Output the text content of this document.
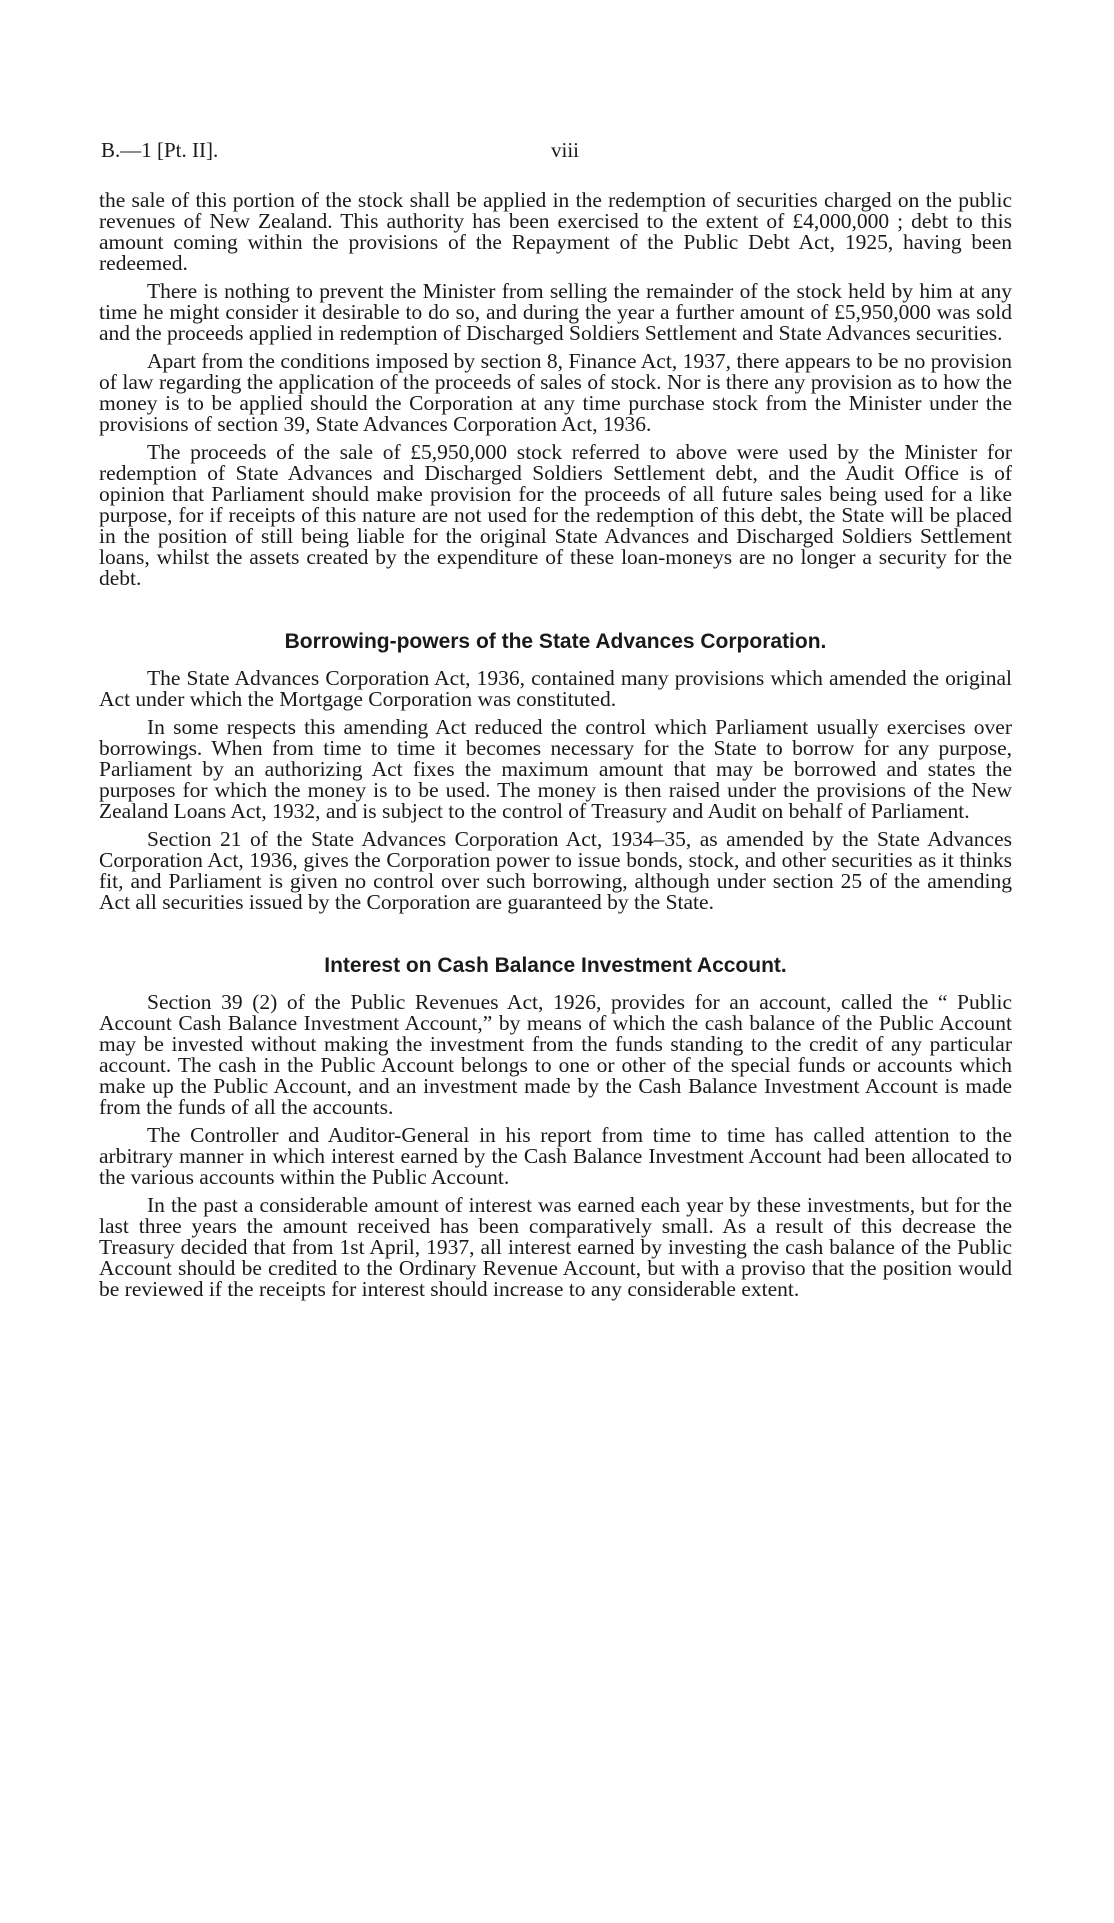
B.—1 [Pt. II].	viii

the sale of this portion of the stock shall be applied in the redemption of securities charged on the public revenues of New Zealand. This authority has been exercised to the extent of £4,000,000 ; debt to this amount coming within the provisions of the Repayment of the Public Debt Act, 1925, having been redeemed.

There is nothing to prevent the Minister from selling the remainder of the stock held by him at any time he might consider it desirable to do so, and during the year a further amount of £5,950,000 was sold and the proceeds applied in redemption of Discharged Soldiers Settlement and State Advances securities.

Apart from the conditions imposed by section 8, Finance Act, 1937, there appears to be no provision of law regarding the application of the proceeds of sales of stock. Nor is there any provision as to how the money is to be applied should the Corporation at any time purchase stock from the Minister under the provisions of section 39, State Advances Corporation Act, 1936.

The proceeds of the sale of £5,950,000 stock referred to above were used by the Minister for redemption of State Advances and Discharged Soldiers Settlement debt, and the Audit Office is of opinion that Parliament should make provision for the proceeds of all future sales being used for a like purpose, for if receipts of this nature are not used for the redemption of this debt, the State will be placed in the position of still being liable for the original State Advances and Discharged Soldiers Settlement loans, whilst the assets created by the expenditure of these loan-moneys are no longer a security for the debt.

Borrowing-powers of the State Advances Corporation.

The State Advances Corporation Act, 1936, contained many provisions which amended the original Act under which the Mortgage Corporation was constituted.

In some respects this amending Act reduced the control which Parliament usually exercises over borrowings. When from time to time it becomes necessary for the State to borrow for any purpose, Parliament by an authorizing Act fixes the maximum amount that may be borrowed and states the purposes for which the money is to be used. The money is then raised under the provisions of the New Zealand Loans Act, 1932, and is subject to the control of Treasury and Audit on behalf of Parliament.

Section 21 of the State Advances Corporation Act, 1934–35, as amended by the State Advances Corporation Act, 1936, gives the Corporation power to issue bonds, stock, and other securities as it thinks fit, and Parliament is given no control over such borrowing, although under section 25 of the amending Act all securities issued by the Corporation are guaranteed by the State.

Interest on Cash Balance Investment Account.

Section 39 (2) of the Public Revenues Act, 1926, provides for an account, called the “ Public Account Cash Balance Investment Account,” by means of which the cash balance of the Public Account may be invested without making the investment from the funds standing to the credit of any particular account. The cash in the Public Account belongs to one or other of the special funds or accounts which make up the Public Account, and an investment made by the Cash Balance Investment Account is made from the funds of all the accounts.

The Controller and Auditor-General in his report from time to time has called attention to the arbitrary manner in which interest earned by the Cash Balance Investment Account had been allocated to the various accounts within the Public Account.

In the past a considerable amount of interest was earned each year by these investments, but for the last three years the amount received has been comparatively small. As a result of this decrease the Treasury decided that from 1st April, 1937, all interest earned by investing the cash balance of the Public Account should be credited to the Ordinary Revenue Account, but with a proviso that the position would be reviewed if the receipts for interest should increase to any considerable extent.
